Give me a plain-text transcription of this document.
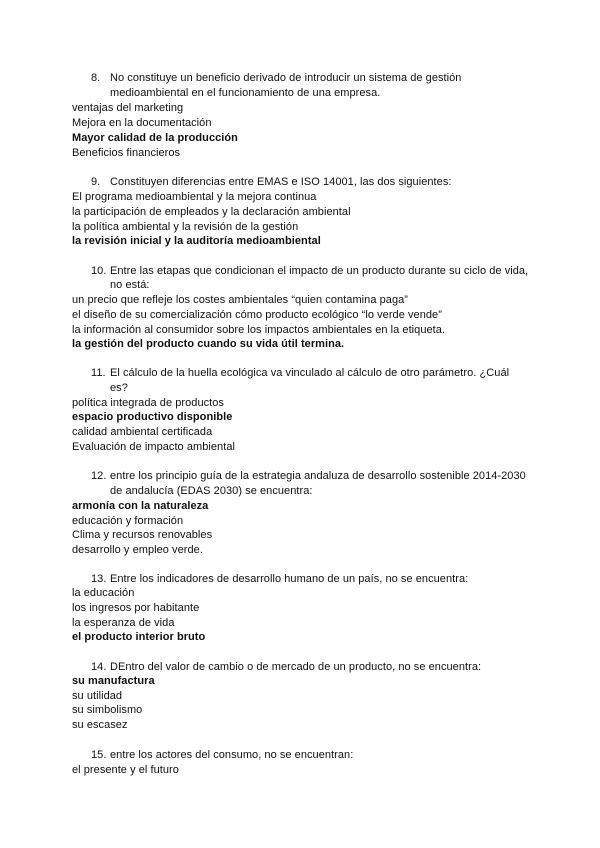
8. No constituye un beneficio derivado de introducir un sistema de gestión
medioambiental en el funcionamiento de una empresa.
ventajas del marketing
Mejora en la documentación
Mayor calidad de la producción
Beneficios financieros
9. Constituyen diferencias entre EMAS e ISO 14001, las dos siguientes:
El programa medioambiental y la mejora continua
la participación de empleados y la declaración ambiental
la política ambiental y la revisión de la gestión
la revisión inicial y la auditoría medioambiental
10. Entre las etapas que condicionan el impacto de un producto durante su ciclo de vida,
no está:
un precio que refleje los costes ambientales “quien contamina paga”
el diseño de su comercialización cómo producto ecológico “lo verde vende”
la información al consumidor sobre los impactos ambientales en la etiqueta.
la gestión del producto cuando su vida útil termina.
11. El cálculo de la huella ecológica va vinculado al cálculo de otro parámetro. ¿Cuál
es?
política integrada de productos
espacio productivo disponible
calidad ambiental certificada
Evaluación de impacto ambiental
12. entre los principio guía de la estrategia andaluza de desarrollo sostenible 2014-2030
de andalucía (EDAS 2030) se encuentra:
armonía con la naturaleza
educación y formación
Clima y recursos renovables
desarrollo y empleo verde.
13. Entre los indicadores de desarrollo humano de un país, no se encuentra:
la educación
los ingresos por habitante
la esperanza de vida
el producto interior bruto
14. DEntro del valor de cambio o de mercado de un producto, no se encuentra:
su manufactura
su utilidad
su simbolismo
su escasez
15. entre los actores del consumo, no se encuentran:
el presente y el futuro
